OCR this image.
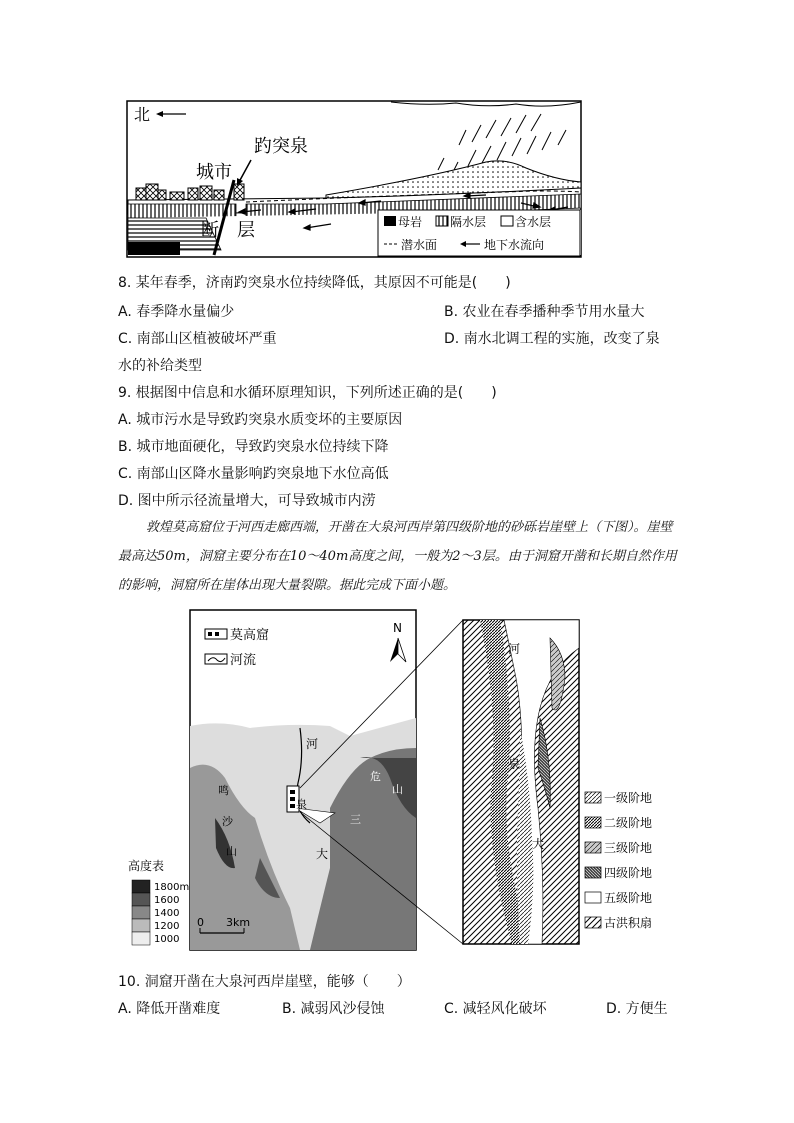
北
趵突泉
城市
断　层	母岩 隔水层 含水层
潜水面	地下水流向
8. 某年春季，济南趵突泉水位持续降低，其原因不可能是(　　)
A. 春季降水量偏少	B. 农业在春季播种季节用水量大
C. 南部山区植被破坏严重	D. 南水北调工程的实施，改变了泉
水的补给类型
9. 根据图中信息和水循环原理知识，下列所述正确的是(　　)
A. 城市污水是导致趵突泉水质变坏的主要原因
B. 城市地面硬化，导致趵突泉水位持续下降
C. 南部山区降水量影响趵突泉地下水位高低
D. 图中所示径流量增大，可导致城市内涝

敦煌莫高窟位于河西走廊西端，开凿在大泉河西岸第四级阶地的砂砾岩崖壁上（下图）。崖壁最高达50m，洞窟主要分布在10～40m高度之间，一般为2～3层。由于洞窟开凿和长期自然作用的影响，洞窟所在崖体出现大量裂隙。据此完成下面小题。

河
泉
大
三
危
山
鸣
沙
山
莫高窟
河流
N
0 3km
高度表
1800m
1600
1400
1200
1000
河
泉
大
一级阶地
二级阶地
三级阶地
四级阶地
五级阶地
古洪积扇
10. 洞窟开凿在大泉河西岸崖壁，能够（　　）
A. 降低开凿难度	B. 减弱风沙侵蚀	C. 减轻风化破坏	D. 方便生
